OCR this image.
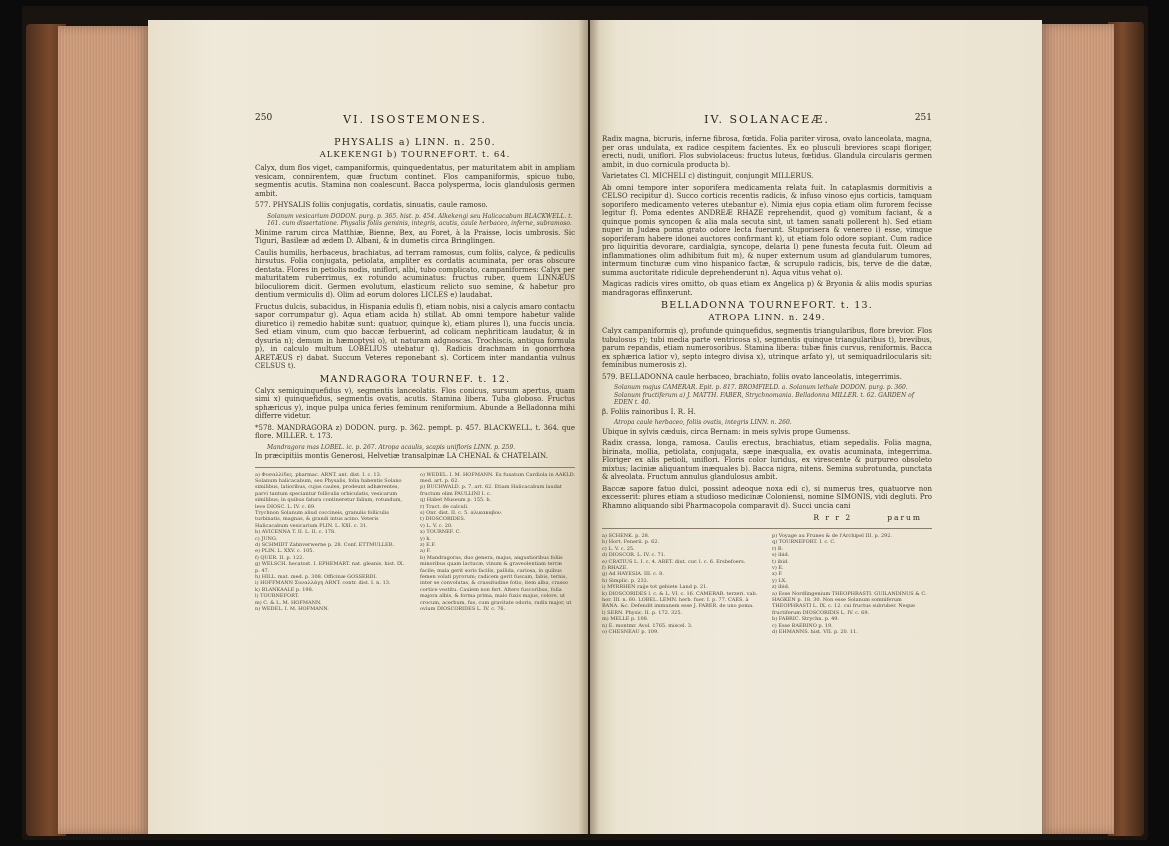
250	VI. ISOSTEMONES.
PHYSALIS a) LINN. n. 250.
ALKEKENGI b) TOURNEFORT. t. 64.

Calyx, dum flos viget, campaniformis, quinquedentatus, per maturitatem abit in ampliam vesicam, connirentem, quæ fructum continet. Flos campaniformis, spicuo tubo, segmentis acutis. Stamina non coalescunt. Bacca polysperma, locis glandulosis germen ambit.

577. PHYSALIS foliis conjugatis, cordatis, sinuatis, caule ramoso.

Solanum vesicarium DODON. purg. p. 365. hist. p. 454. Alkekengi seu Halicacabum BLACKWELL. t. 161. cum dissertatione. Physalis foliis geminis, integris, acutis, caule herbaceo, inferne, subramoso.

Minime rarum circa Matthiæ, Bienne, Bex, au Foret, à la Praisse, locis umbrosis. Sic Tiguri, Basileæ ad ædem D. Albani, & in dumetis circa Bringlingen.

Caulis humilis, herbaceus, brachiatus, ad terram ramosus, cum foliis, calyce, & pediculis hirsutus. Folia conjugata, petiolata, ampliter ex cordatis acuminata, per oras obscure dentata. Flores in petiolis nodis, uniflori, albi, tubo complicato, campaniformes: Calyx per maturitatem ruberrimus, ex rotundo acuminatus: fructus ruber, quem LINNÆUS biloculiorem dicit. Germen evolutum, elasticum relicto suo semine, & habetur pro dentium vermiculis d). Olim ad eorum dolores LICLES e) laudabat.

Fructus dulcis, subacidus, in Hispania edulis f), etiam nobis, nisi a calycis amaro contactu sapor corrumpatur g). Aqua etiam acida h) stillat. Ab omni tempore habetur valide diuretico i) remedio habitæ sunt: quatuor, quinque k), etiam plures l), una fuccis uncia. Sed etiam vinum, cum quo baccæ ferbuerint, ad colicam nephriticam laudatur, & in dysuria n); demum in hæmoptysi o), ut naturam adgnoscas. Trochiscis, antiqua formula p), in calculo multum LOBELIUS utebatur q). Radicis drachmam in gonorrhœa ARETÆUS r) dabat. Succum Veteres reponebant s). Corticem inter mandantia vulnus CELSUS t).

MANDRAGORA TOURNEF. t. 12.

Calyx semiquinquefidus v), segmentis lanceolatis. Flos conicus, sursum apertus, quam simi x) quinquefidus, segmentis ovatis, acutis. Stamina libera. Tuba globoso. Fructus sphæricus y), inque pulpa unica feries feminum reniformium. Abunde a Belladonna mihi differre videtur.

*578. MANDRAGORA z) DODON. purg. p. 362. pempt. p. 457. BLACKWELL. t. 364. que flore. MILLER. t. 173.

Mandragora mas LOBEL. ic. p. 267. Atropa acaulis, scapis unifloris LINN. p. 259.

In præcipitiis montis Generosi, Helvetiæ transalpinæ LA CHENAL & CHATELAIN.

a) Φυσαλλίδες. pharmac. ARNT. ant. dist. I. c. 13.

Solanum halicacabum, seu Physalis, folia habentis Solano similibus, latioribus, cujus caules, prodeunt adhærentes, parvi tantum speciantur folliculis orbiculatis, vesicarum similibus; in quibus fatura contineretur falium, rotundum, leve DIOSC. L. IV. c. 69.

Trychnon Solanum aliud coccineis, granulis folliculis turbinatis, magnas, & grandi intus acino. Veteris Halicacabum vesicarium PLIN. L. XXI. c. 31.

b) AVICENNA T. II. L. II. c. 178.

c) JUNG.

d) SCHMIDT Zahnverwerne p. 28. Conf. ETTMULLER.

e) PLIN. L. XXV. c. 105.

f) QUER. II. p. 122.

g) WELSCH. hecatost. I. EPHEMART. nat. gleanis. hist. IX. p. 47.

h) HILL. mat. med. p. 308. Officinæ GOSSERDI.

i) HOFFMANN Συναλλάγη ARNT. contr. dist. I. n. 13.

k) BLANKAALE p. 198.

l) TOURNEFORT.

m) C. & L. M. HOFMANN.

n) WEDEL. I. M. HOFMANN.

o) WEDEL. I. M. HOFMANN. Ex fuxatum Cardiola in AAKLD. med. art. p. 62.

p) BUCHWALD. p. 7. art. 62. Etiam Halicacabum laudat fructum olim PAULLINI I. c.

q) Habet Museum p. 155. b.

r) Tract. de calculi.

s) Onr. dist. II. c. 5. αλικακαβον.

t) DIOSCORIDES.

v) L. V. c. 20.

x) TOURNEF. C.

y) k.

z) E.F.

a) F.

b) Mandragoras, duo genera, majus, angustioribus foliis minoribus quam lactucæ, vinum & graveolentiam terræ facile; mala gerit soris facilis, pallida, cariosa, in quibus femen volati pyrorum; radicem gerit fuscam, fabis, ternis, inter se convolutas, & crassitudine fotio, item alba, crasso cortice vestitu. Caulem non fert. Altero fuscoribus, folia majora albis, & forma prima, malo fuxis majus, colore, ut crocum, acerbum, fus, cum gravitate odoris, radix major, ut ovium DIOSCORIDES L. IV. c. 76.

IV. SOLANACEÆ.	251

Radix magna, bicruris, inferne fibrosa, fœtida. Folia pariter virosa, ovato lanceolata, magna, per oras undulata, ex radice cespitem facientes. Ex eo plusculi breviores scapi floriger, erecti, nudi, uniflori. Flos subviolaceus: fructus luteus, fœtidus. Glandula circularis germen ambit, in duo cornicula producta b).

Varietates Cl. MICHELI c) distinguit, conjungit MILLERUS.

Ab omni tempore inter soporifera medicamenta relata fuit. In cataplasmis dormitivis a CELSO recipitur d). Succo corticis recentis radicis, & infuso vinoso ejus corticis, tamquam soporifero medicamento veteres utebantur e). Nimia ejus copia etiam olim furorem fecisse legitur f). Poma edentes ANDREÆ RHAZE reprehendit, quod g) vomitum faciant, & a quinque pomis syncopen & alia mala secuta sint, ut tamen sanati pollerent h). Sed etiam nuper in Judæa poma grato odore lecta fuerunt. Stuporisera & venereo i) esse, vimque soporiferam habere idonei auctores confirmant k), ut etiam folo odore sopiant. Cum radice pro liquiritia devorare, cardialgia, syncope, delaria l) pene funesta fecuta fuit. Oleum ad inflammationes olim adhibitum fuit m), & nuper externum usum ad glandularum tumores, intermum tincturæ cum vino hispanico factæ, & scrupulo radicis, bis, terve de die datæ, summa auctoritate ridicule deprehenderunt n). Aqua vitus vehat o).

Magicas radicis vires omitto, ob quas etiam ex Angelica p) & Bryonia & aliis modis spurias mandragoras effinxerunt.

BELLADONNA TOURNEFORT. t. 13.
ATROPA LINN. n. 249.

Calyx campaniformis q), profunde quinquefidus, segmentis triangularibus, flore brevior. Flos tubulosus r); tubi media parte ventricosa s), segmentis quinque triangularibus t), brevibus, parum repandis, etiam numerosoribus. Stamina libera: tubæ finis curvus, reniformis. Bacca ex sphærica latior v), septo integro divisa x), utrinque arfato y), ut semiquadrilocularis sit: feminibus numerosis z).

579. BELLADONNA caule herbaceo, brachiato, foliis ovato lanceolatis, integerrimis.

Solanum majus CAMERAR. Epit. p. 817. BROMFIELD. a. Solanum lethale DODON. purg. p. 360. Solanum fructiferum a) J. MATTH. FABER, Strychnomania. Belladonna MILLER. t. 62. GARDEN of EDEN t. 40.

β. Foliis rainoribus I. R. H.

Atropa caule herbaceo, foliis ovatis, integris LINN. n. 260.

Ubique in sylvis cæduis, circa Bernam: in meis sylvis prope Gumenss.

Radix crassa, longa, ramosa. Caulis erectus, brachiatus, etiam sepedalis. Folia magna, birinata, mollia, petiolata, conjugata, sæpe inæqualia, ex ovatis acuminata, integerrima. Floriger ex alis petioli, uniflori. Floris color luridus, ex virescente & purpureo obsoleto mixtus; laciniæ aliquantum inæquales b). Bacca nigra, nitens. Semina subrotunda, punctata & alveolata. Fructum annulus glandulosus ambit.

Baccæ sapore fatuo dulci, possint adeoque noxa edi c), si numerus tres, quatuorve non excesserit: plures etiam a studioso medicinæ Coloniensi, nomine SIMONIS, vidi degluti. Pro Rhamno aliquando sibi Pharmacopola comparavit d). Succi uncia cani

R r r 2	parum

a) SCHENK. p. 28.

b) Hort. Fenerii. p. 62.

c) L. V. c. 25.

d) DIOSCOR. L. IV. c. 71.

e) CRATIUS L. I. c. 4. ARET. diut. cur. l. c. 6. Ersbefoers.

f) RHAZE.

g) Ad HAYESIA. III. c. 8.

h) Simplic. p. 232.

i) MYRRHEN raije tot gebiete Land p. 21.

k) DIOSCORIDES l. c. & L. VI. c. 16. CAMERAR. terzeri. vab. hor. III. n. 60. LOBEL. LEMN. herb. fuer. I. p. 77. CAES. à BANA. &c. Defendit immunem esse J. FABER. de uno poma.

l) SERN. Physic. II. p. 172. 325.

m) MELLE p. 108.

n) E. montmr. Avol. 1765. miscel. 3.

o) CHESNEAU p. 109.

p) Voyage au Frunes & de l'Archipel III. p. 292.

q) TOURNEFORT. I. c. C.

r) B.

s) ibid.

t) ibid.

v) E.

x) F.

y) LX.

z) ibid.

a) Esse Nordlingenium THEOPHRASTI. GUILANDINUS & C. HAGKEN p. 18. 30. Non esse Solanum somniferum THEOPHRASTI L. IX. c. 12. cui fructus subruber. Neque fructiferum DIOSCORIDIS L. IV. c. 69.

b) FABRIC. Strychn. p. 49.

c) Esse BAERINO p. 19.

d) EHMANNS. hist. VII. p. 20. 11.
